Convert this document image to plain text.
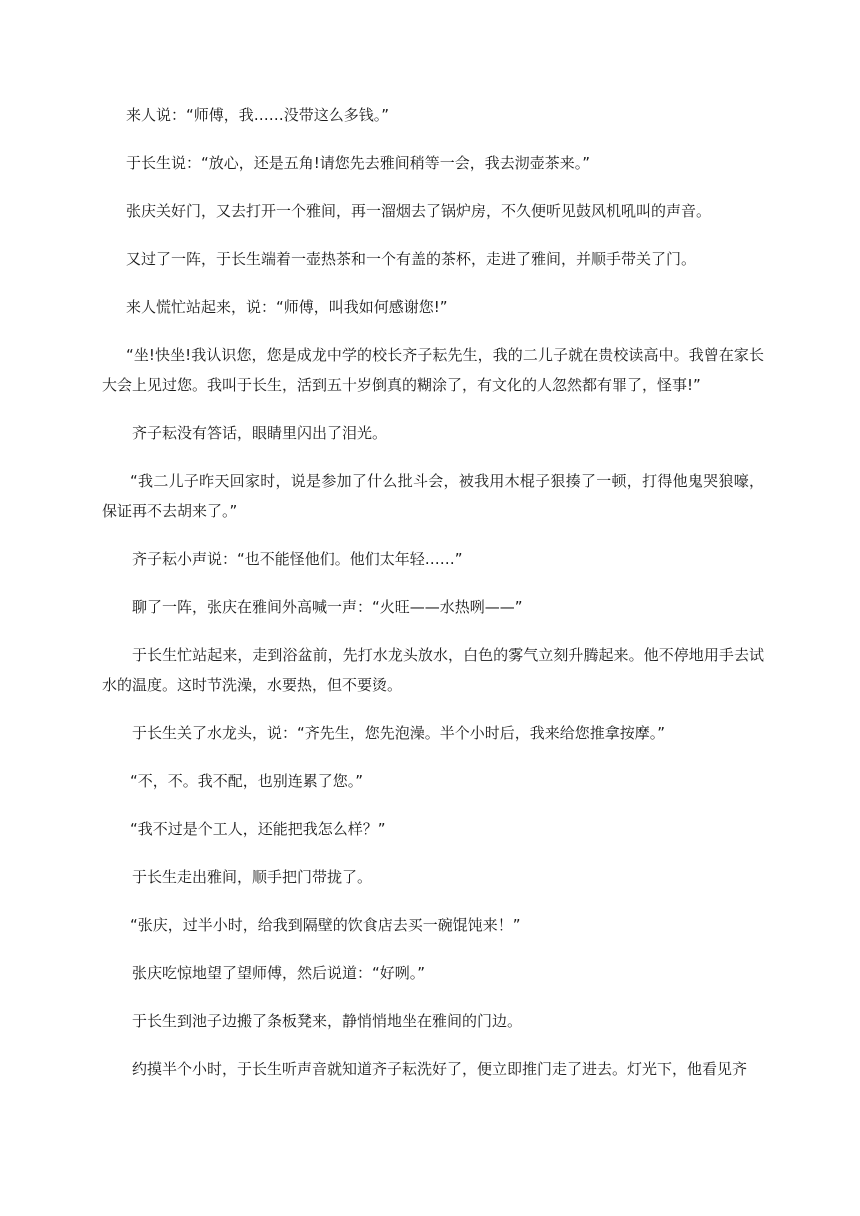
来人说：“师傅，我……没带这么多钱。”

于长生说：“放心，还是五角!请您先去雅间稍等一会，我去沏壶茶来。”

张庆关好门，又去打开一个雅间，再一溜烟去了锅炉房，不久便听见鼓风机吼叫的声音。

又过了一阵，于长生端着一壶热茶和一个有盖的茶杯，走进了雅间，并顺手带关了门。

来人慌忙站起来，说：“师傅，叫我如何感谢您!”

“坐!快坐!我认识您，您是成龙中学的校长齐子耘先生，我的二儿子就在贵校读高中。我曾在家长大会上见过您。我叫于长生，活到五十岁倒真的糊涂了，有文化的人忽然都有罪了，怪事!”

齐子耘没有答话，眼睛里闪出了泪光。

“我二儿子昨天回家时，说是参加了什么批斗会，被我用木棍子狠揍了一顿，打得他鬼哭狼嚎，保证再不去胡来了。”

齐子耘小声说：“也不能怪他们。他们太年轻……”

聊了一阵，张庆在雅间外高喊一声：“火旺——水热咧——”

于长生忙站起来，走到浴盆前，先打水龙头放水，白色的雾气立刻升腾起来。他不停地用手去试水的温度。这时节洗澡，水要热，但不要烫。

于长生关了水龙头，说：“齐先生，您先泡澡。半个小时后，我来给您推拿按摩。”

“不，不。我不配，也别连累了您。”

“我不过是个工人，还能把我怎么样？”

于长生走出雅间，顺手把门带拢了。

“张庆，过半小时，给我到隔壁的饮食店去买一碗馄饨来！”

张庆吃惊地望了望师傅，然后说道：“好咧。”

于长生到池子边搬了条板凳来，静悄悄地坐在雅间的门边。

约摸半个小时，于长生听声音就知道齐子耘洗好了，便立即推门走了进去。灯光下，他看见齐
